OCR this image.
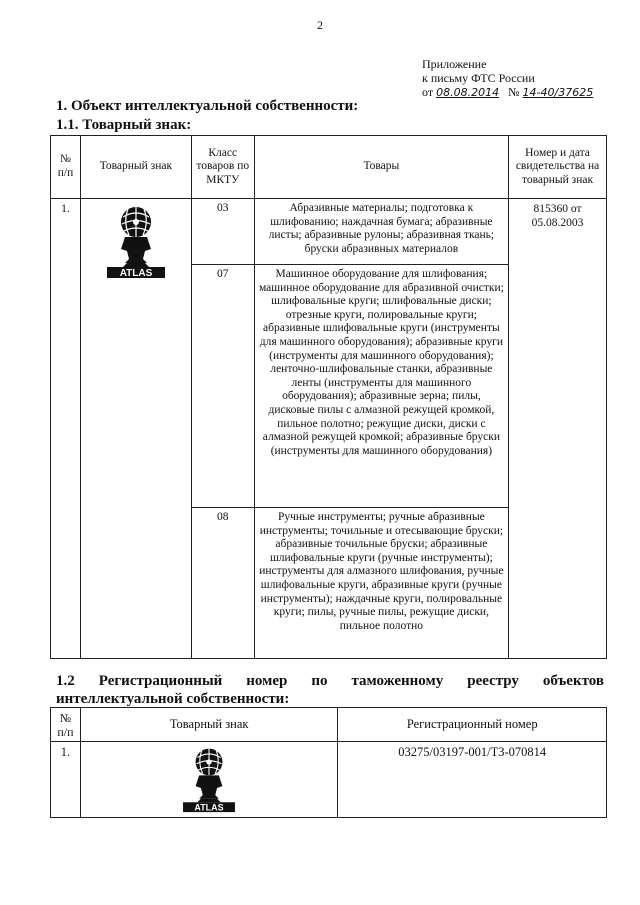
2
Приложение
к письму ФТС России
от 08.08.2014 № 14-40/37625
1. Объект интеллектуальной собственности:
1.1. Товарный знак:
№ п/п	Товарный знак	Класс товаров по МКТУ	Товары	Номер и дата свидетельства на товарный знак
1.	ATLAS	03	Абразивные материалы; подготовка к шлифованию; наждачная бумага; абразивные листы; абразивные рулоны; абразивная ткань; бруски абразивных материалов	815360 от 05.08.2003
		07	Машинное оборудование для шлифования; машинное оборудование для абразивной очистки; шлифовальные круги; шлифовальные диски; отрезные круги, полировальные круги; абразивные шлифовальные круги (инструменты для машинного оборудования); абразивные круги (инструменты для машинного оборудования); ленточно-шлифовальные станки, абразивные ленты (инструменты для машинного оборудования); абразивные зерна; пилы, дисковые пилы с алмазной режущей кромкой, пильное полотно; режущие диски, диски с алмазной режущей кромкой; абразивные бруски (инструменты для машинного оборудования)	
		08	Ручные инструменты; ручные абразивные инструменты; точильные и отесывающие бруски; абразивные точильные бруски; абразивные шлифовальные круги (ручные инструменты); инструменты для алмазного шлифования, ручные шлифовальные круги, абразивные круги (ручные инструменты); наждачные круги, полировальные круги; пилы, ручные пилы, режущие диски, пильное полотно	
1.2 Регистрационный номер по таможенному реестру объектов интеллектуальной собственности:
№ п/п	Товарный знак	Регистрационный номер
1.	ATLAS	03275/03197-001/ТЗ-070814
